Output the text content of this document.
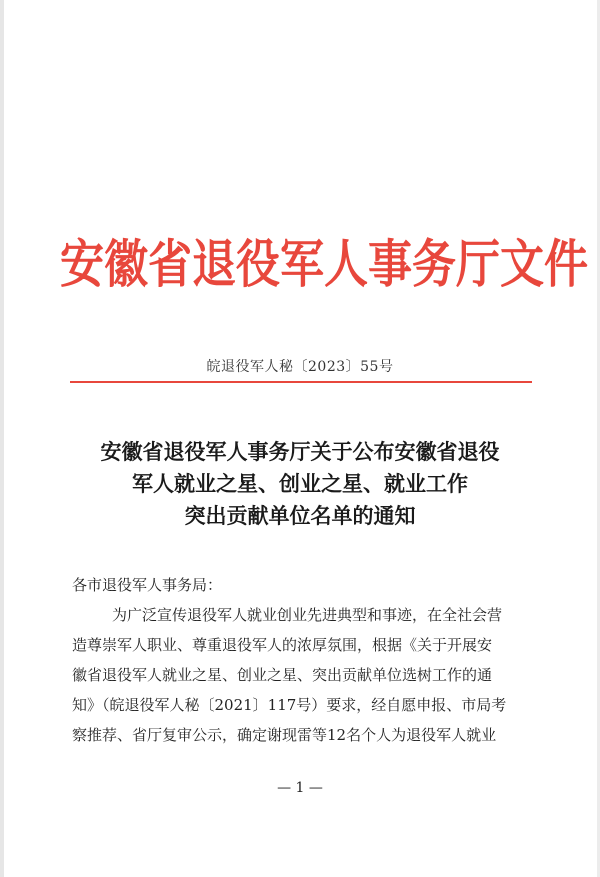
安徽省退役军人事务厅文件
皖退役军人秘〔2023〕55号
安徽省退役军人事务厅关于公布安徽省退役
军人就业之星、创业之星、就业工作
突出贡献单位名单的通知
各市退役军人事务局：
为广泛宣传退役军人就业创业先进典型和事迹，在全社会营
造尊崇军人职业、尊重退役军人的浓厚氛围，根据《关于开展安
徽省退役军人就业之星、创业之星、突出贡献单位选树工作的通
知》（皖退役军人秘〔2021〕117号）要求，经自愿申报、市局考
察推荐、省厅复审公示，确定谢现雷等12名个人为退役军人就业
— 1 —
